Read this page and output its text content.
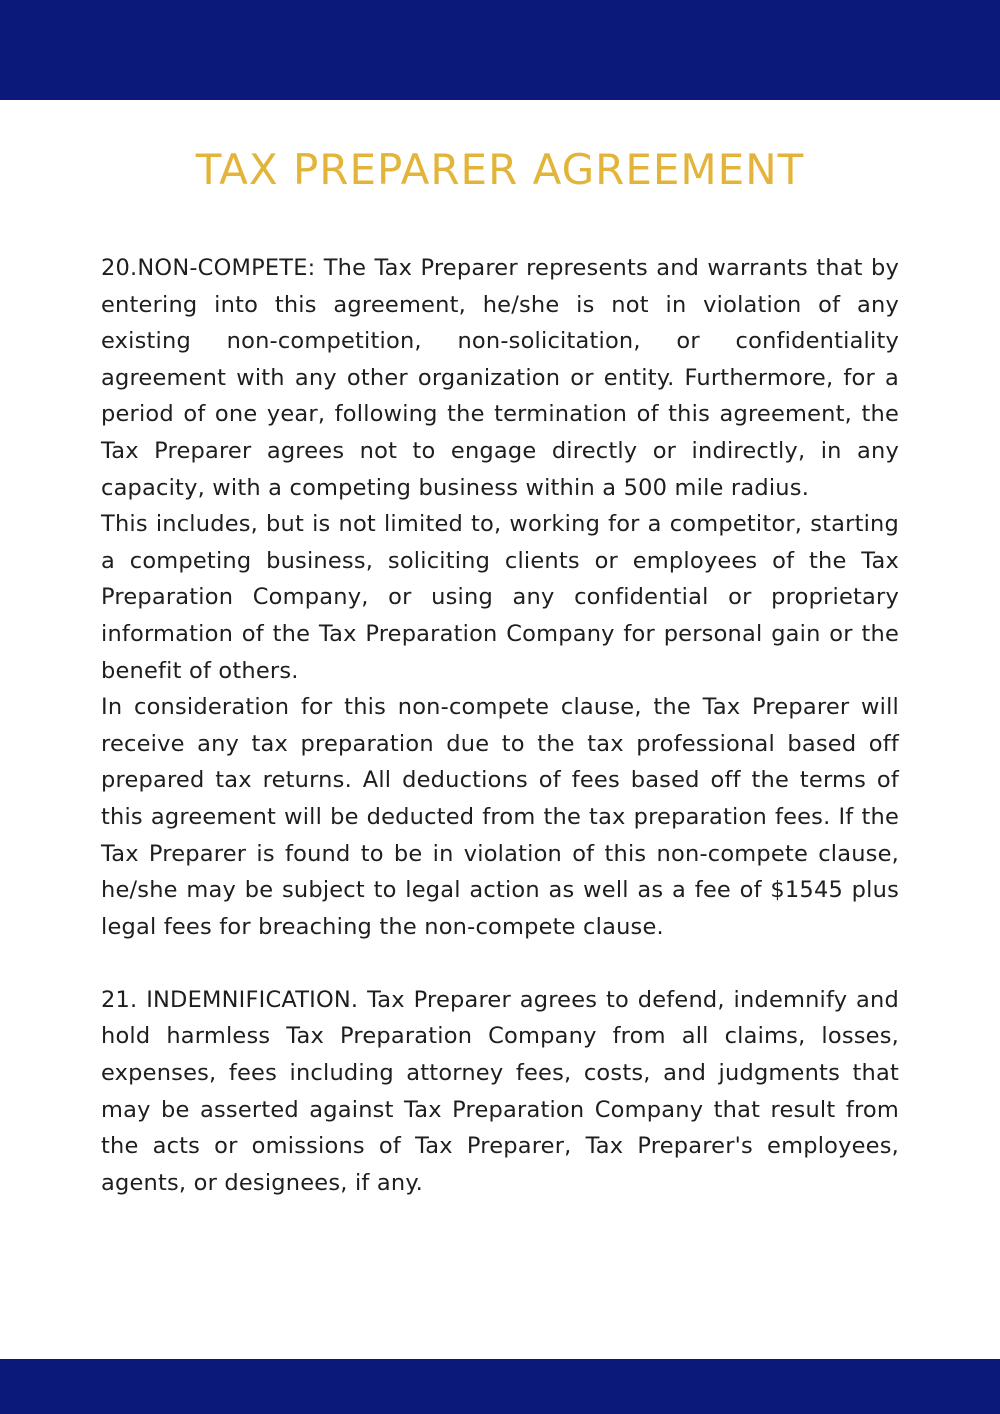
TAX PREPARER AGREEMENT

20.NON-COMPETE: The Tax Preparer represents and warrants that by entering into this agreement, he/she is not in violation of any existing non-competition, non-solicitation, or confidentiality agreement with any other organization or entity. Furthermore, for a period of one year, following the termination of this agreement, the Tax Preparer agrees not to engage directly or indirectly, in any capacity, with a competing business within a 500 mile radius.

This includes, but is not limited to, working for a competitor, starting a competing business, soliciting clients or employees of the Tax Preparation Company, or using any confidential or proprietary information of the Tax Preparation Company for personal gain or the benefit of others.

In consideration for this non-compete clause, the Tax Preparer will receive any tax preparation due to the tax professional based off prepared tax returns. All deductions of fees based off the terms of this agreement will be deducted from the tax preparation fees. If the Tax Preparer is found to be in violation of this non-compete clause, he/she may be subject to legal action as well as a fee of $1545 plus legal fees for breaching the non-compete clause.

21. INDEMNIFICATION. Tax Preparer agrees to defend, indemnify and hold harmless Tax Preparation Company from all claims, losses, expenses, fees including attorney fees, costs, and judgments that may be asserted against Tax Preparation Company that result from the acts or omissions of Tax Preparer, Tax Preparer's employees, agents, or designees, if any.
